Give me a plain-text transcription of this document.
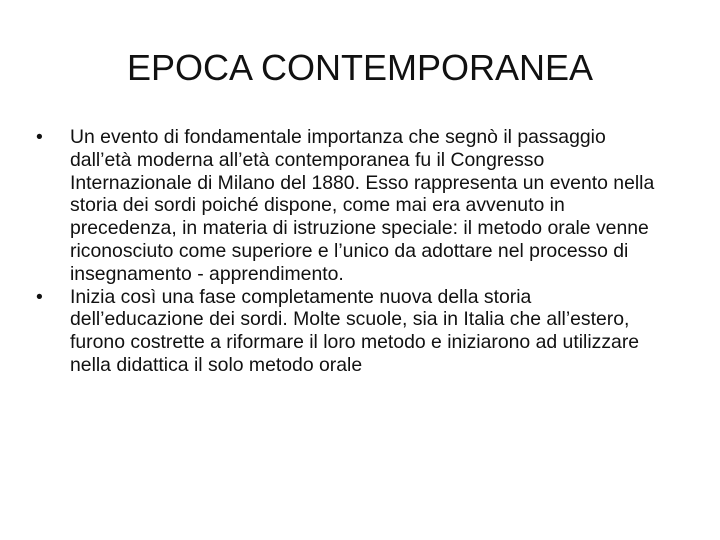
EPOCA CONTEMPORANEA
•	Un evento di fondamentale importanza che segnò il passaggio dall’età moderna all’età contemporanea fu il Congresso Internazionale di Milano del 1880. Esso rappresenta un evento nella storia dei sordi poiché dispone, come mai era avvenuto in precedenza, in materia di istruzione speciale: il metodo orale venne riconosciuto come superiore e l’unico da adottare nel processo di insegnamento - apprendimento.
•	Inizia così una fase completamente nuova della storia dell’educazione dei sordi. Molte scuole, sia in Italia che all’estero, furono costrette a riformare il loro metodo e iniziarono ad utilizzare nella didattica il solo metodo orale
